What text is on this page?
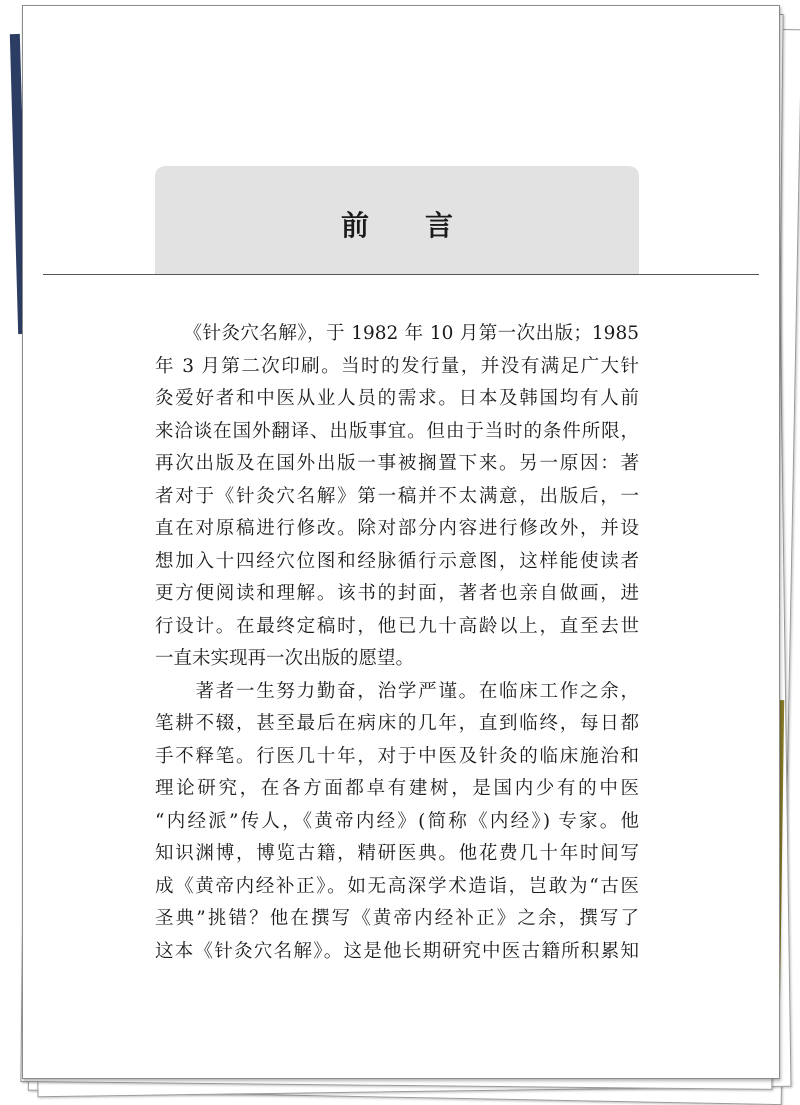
前言
　　《针灸穴名解》，于 1982 年 10 月第一次出版；1985
年 3 月第二次印刷。当时的发行量，并没有满足广大针
灸爱好者和中医从业人员的需求。日本及韩国均有人前
来洽谈在国外翻译、出版事宜。但由于当时的条件所限，
再次出版及在国外出版一事被搁置下来。另一原因：著
者对于《针灸穴名解》第一稿并不太满意，出版后，一
直在对原稿进行修改。除对部分内容进行修改外，并设
想加入十四经穴位图和经脉循行示意图，这样能使读者
更方便阅读和理解。该书的封面，著者也亲自做画，进
行设计。在最终定稿时，他已九十高龄以上，直至去世
一直未实现再一次出版的愿望。
　　著者一生努力勤奋，治学严谨。在临床工作之余，
笔耕不辍，甚至最后在病床的几年，直到临终，每日都
手不释笔。行医几十年，对于中医及针灸的临床施治和
理论研究，在各方面都卓有建树，是国内少有的中医
“内经派”传人，《黄帝内经》(简称《内经》) 专家。他
知识渊博，博览古籍，精研医典。他花费几十年时间写
成《黄帝内经补正》。如无高深学术造诣，岂敢为“古医
圣典”挑错？他在撰写《黄帝内经补正》之余，撰写了
这本《针灸穴名解》。这是他长期研究中医古籍所积累知
